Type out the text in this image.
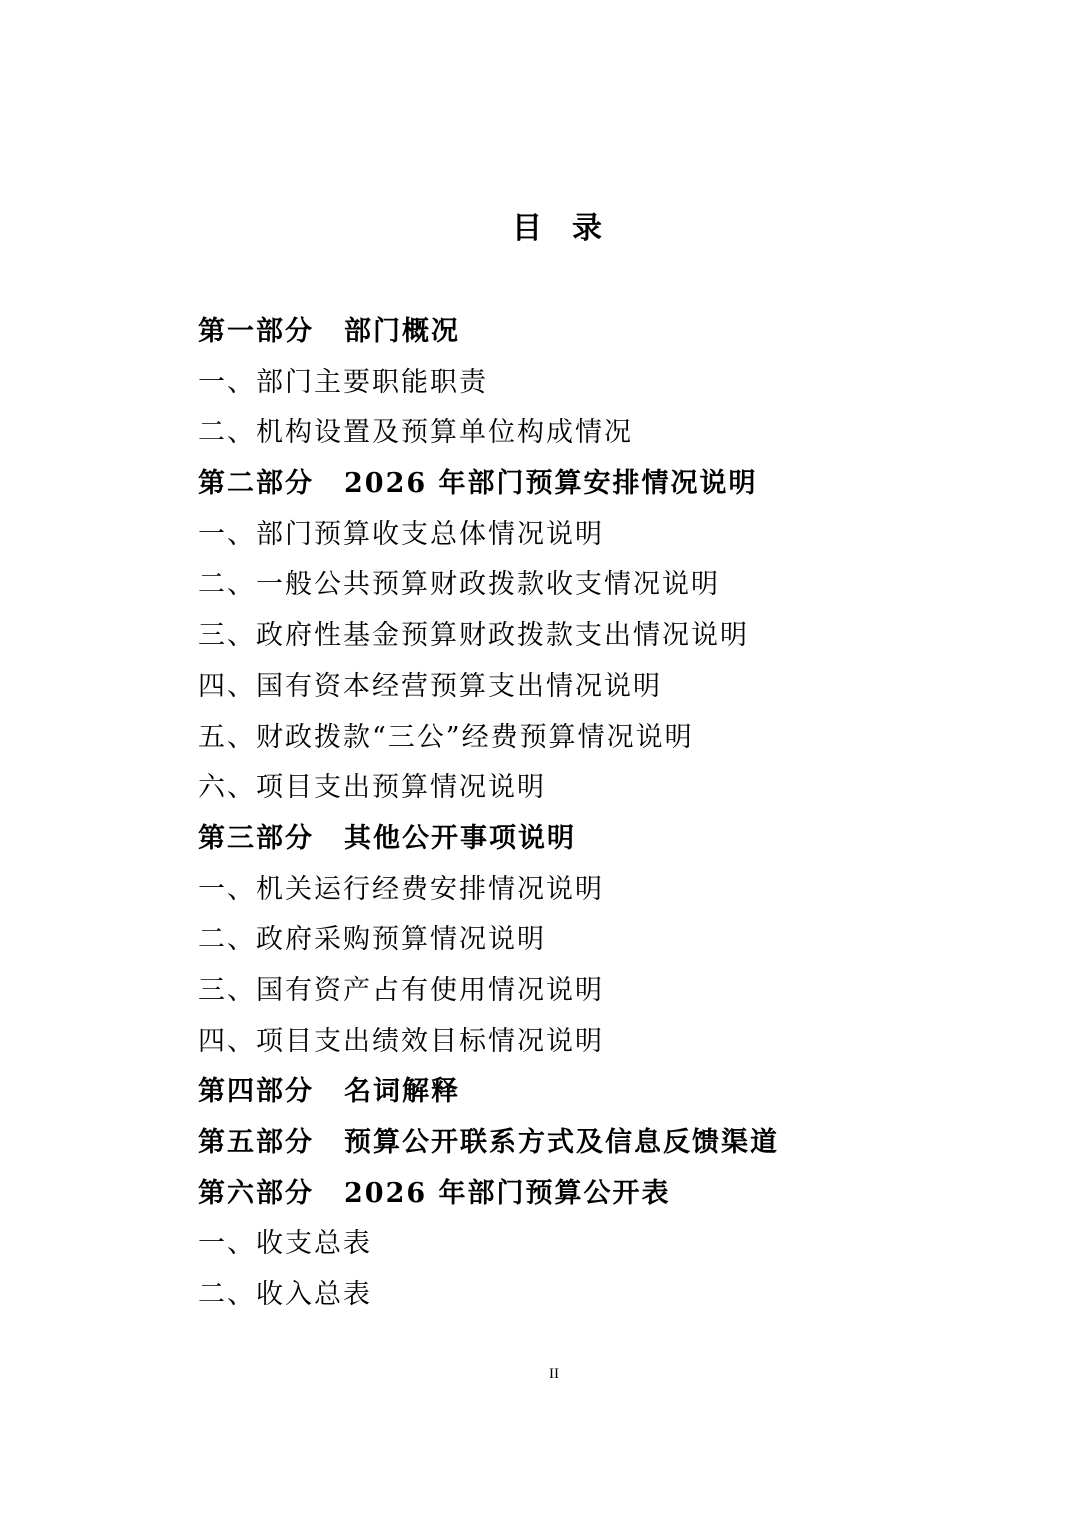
目录
第一部分 部门概况
一、部门主要职能职责
二、机构设置及预算单位构成情况
第二部分 2026 年部门预算安排情况说明
一、部门预算收支总体情况说明
二、一般公共预算财政拨款收支情况说明
三、政府性基金预算财政拨款支出情况说明
四、国有资本经营预算支出情况说明
五、财政拨款“三公”经费预算情况说明
六、项目支出预算情况说明
第三部分 其他公开事项说明
一、机关运行经费安排情况说明
二、政府采购预算情况说明
三、国有资产占有使用情况说明
四、项目支出绩效目标情况说明
第四部分 名词解释
第五部分 预算公开联系方式及信息反馈渠道
第六部分 2026 年部门预算公开表
一、收支总表
二、收入总表
II
